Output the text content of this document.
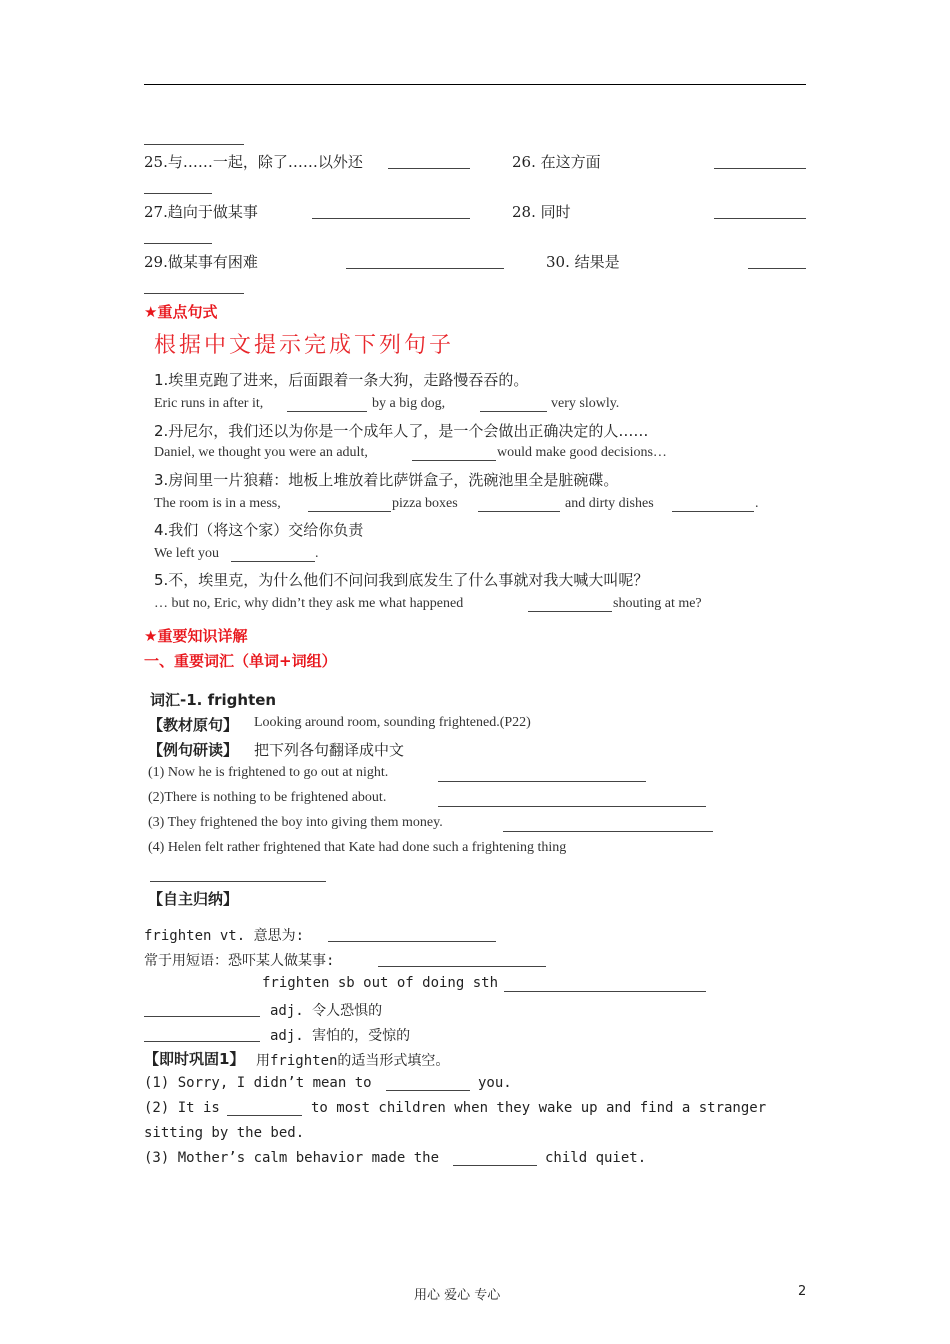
25.与……一起，除了……以外还	26. 在这方面
27.趋向于做某事	28. 同时
29.做某事有困难	30. 结果是
★重点句式
根据中文提示完成下列句子
1.埃里克跑了进来，后面跟着一条大狗，走路慢吞吞的。
Eric runs in after it,	by a big dog,	very slowly.
2.丹尼尔，我们还以为你是一个成年人了，是一个会做出正确决定的人……
Daniel, we thought you were an adult,	would make good decisions…
3.房间里一片狼藉：地板上堆放着比萨饼盒子，洗碗池里全是脏碗碟。
The room is in a mess,	pizza boxes	and dirty dishes	.
4.我们（将这个家）交给你负责
We left you	.
5.不，埃里克，为什么他们不问问我到底发生了什么事就对我大喊大叫呢？
… but no, Eric, why didn’t they ask me what happened	shouting at me?
★重要知识详解
一、重要词汇（单词+词组）
词汇-1. frighten
【教材原句】 Looking around room, sounding frightened.(P22)
【例句研读】 把下列各句翻译成中文
(1) Now he is frightened to go out at night.
(2)There is nothing to be frightened about.
(3) They frightened the boy into giving them money.
(4) Helen felt rather frightened that Kate had done such a frightening thing
【自主归纳】
frighten vt. 意思为:
常于用短语：恐吓某人做某事:
frighten sb out of doing sth
adj. 令人恐惧的
adj. 害怕的，受惊的
【即时巩固1】 用frighten的适当形式填空。
(1) Sorry, I didn’t mean to	you.
(2) It is	to most children when they wake up and find a stranger
sitting by the bed.
(3) Mother’s calm behavior made the	child quiet.
用心 爱心 专心	2
